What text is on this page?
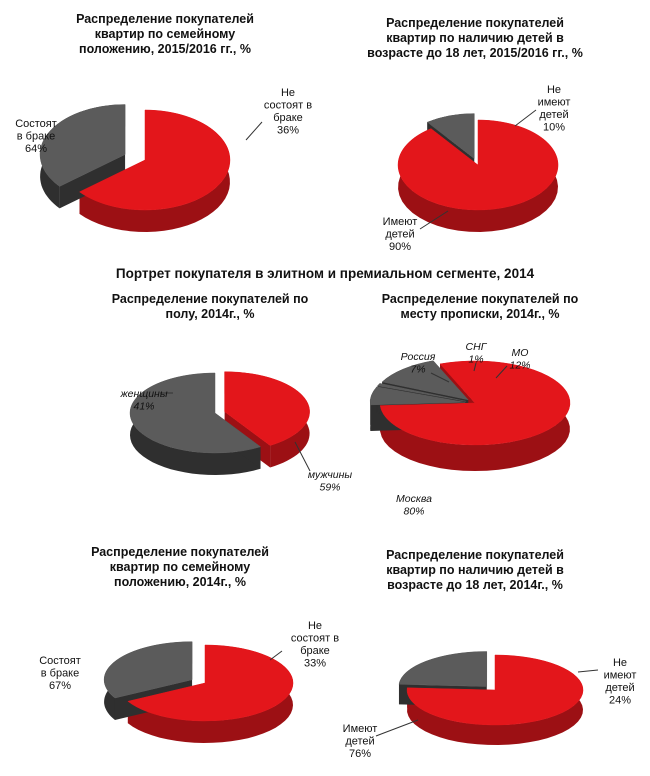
Распределение покупателей
квартир по семейному
положению, 2015/2016 гг., %
Распределение покупателей
квартир по наличию детей в
возрасте до 18 лет, 2015/2016 гг., %
Портрет покупателя в элитном и премиальном сегменте, 2014
Распределение покупателей по
полу, 2014г., %
Распределение покупателей по
месту прописки, 2014г., %
Распределение покупателей
квартир по семейному
положению, 2014г., %
Распределение покупателей
квартир по наличию детей в
возрасте до 18 лет, 2014г., %
Состоят в браке 64%
Не состоят в браке 36%
Имеют детей 90%
Не имеют детей 10%
женщины 41%
мужчины 59%
Москва 80%
Россия 7%
СНГ 1%
МО 12%
Состоят в браке 67%
Не состоят в браке 33%
Имеют детей 76%
Не имеют детей 24%
